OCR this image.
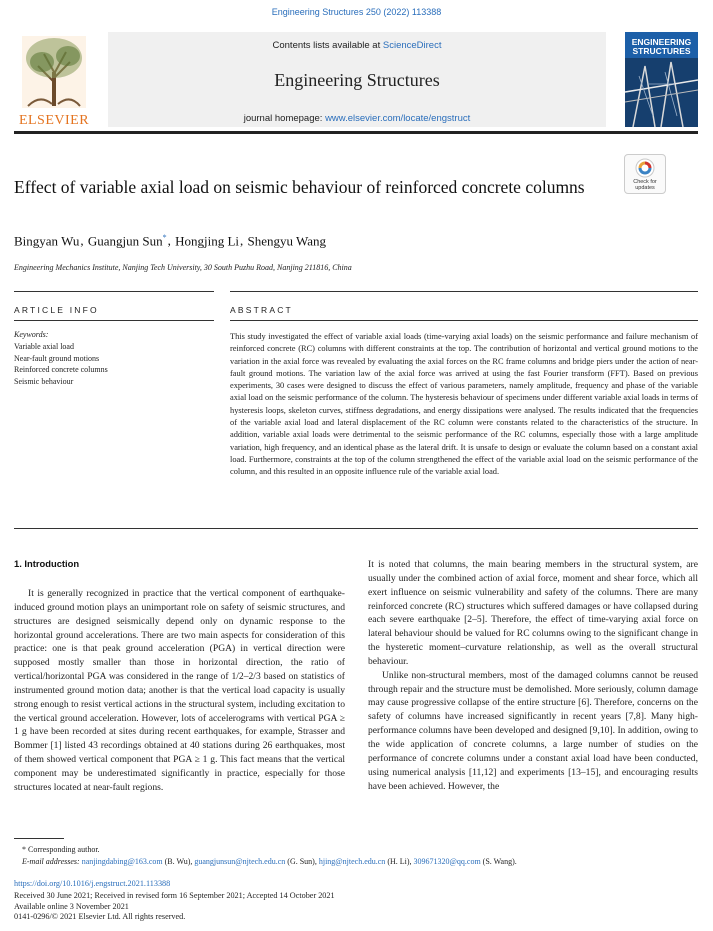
Engineering Structures 250 (2022) 113388
ELSEVIER
Contents lists available at ScienceDirect
Engineering Structures
journal homepage: www.elsevier.com/locate/engstruct
ENGINEERING STRUCTURES
Check for updates
Effect of variable axial load on seismic behaviour of reinforced concrete columns
Bingyan Wu, Guangjun Sun*, Hongjing Li, Shengyu Wang
Engineering Mechanics Institute, Nanjing Tech University, 30 South Puzhu Road, Nanjing 211816, China
ARTICLE INFO	ABSTRACT
Keywords:
Variable axial load
Near-fault ground motions
Reinforced concrete columns
Seismic behaviour
This study investigated the effect of variable axial loads (time-varying axial loads) on the seismic performance and failure mechanism of reinforced concrete (RC) columns with different constraints at the top. The contribution of horizontal and vertical ground motions to the variation in the axial force was revealed by evaluating the axial forces on the RC frame columns and bridge piers under the action of near-fault ground motions. The variation law of the axial force was arrived at using the fast Fourier transform (FFT). Based on previous experiments, 30 cases were designed to discuss the effect of various parameters, namely amplitude, frequency and phase of the variable axial load on the seismic performance of the column. The hysteresis behaviour of specimens under different variable axial loads in terms of hysteresis loops, skeleton curves, stiffness degradations, and energy dissipations were analysed. The results indicated that the frequencies of the variable axial load and lateral displacement of the RC column were constants related to the characteristics of the structure. In addition, variable axial loads were detrimental to the seismic performance of the RC columns, especially those with a large amplitude variation, high frequency, and an identical phase as the lateral drift. It is unsafe to design or evaluate the column based on a constant axial load. Furthermore, constraints at the top of the column strengthened the effect of the variable axial load on the seismic performance of the column, and this resulted in an opposite influence rule of the variable axial load.
1. Introduction

It is generally recognized in practice that the vertical component of earthquake-induced ground motion plays an unimportant role on safety of seismic structures, and structures are designed seismically depend only on dynamic response to the horizontal ground accelerations. There are two main aspects for consideration of this practice: one is that peak ground acceleration (PGA) in vertical direction were supposed mostly smaller than those in horizontal direction, the ratio of vertical/horizontal PGA was considered in the range of 1/2–2/3 based on statistics of instrumented ground motion data; another is that the vertical load capacity is usually strong enough to resist vertical actions in the structural system, including excitation to the vertical ground acceleration. However, lots of accelerograms with vertical PGA ≥ 1 g have been recorded at sites during recent earthquakes, for example, Strasser and Bommer [1] listed 43 recordings obtained at 40 stations during 26 earthquakes, most of them showed vertical component that PGA ≥ 1 g. This fact means that the vertical component may be underestimated significantly in practice, especially for those structures located at near-fault regions.

It is noted that columns, the main bearing members in the structural system, are usually under the combined action of axial force, moment and shear force, which all exert influence on seismic vulnerability and safety of the columns. There are many reinforced concrete (RC) structures which suffered damages or have collapsed during each severe earthquake [2–5]. Therefore, the effect of time-varying axial force on lateral behaviour should be valued for RC columns owing to the significant change in the hysteretic moment–curvature relationship, as well as the overall structural behaviour.

Unlike non-structural members, most of the damaged columns cannot be reused through repair and the structure must be demolished. More seriously, column damage may cause progressive collapse of the entire structure [6]. Therefore, concerns on the safety of columns have increased significantly in recent years [7,8]. Many high-performance columns have been developed and designed [9,10]. In addition, owing to the wide application of concrete columns, a large number of studies on the performance of concrete columns under a constant axial load have been conducted, using numerical analysis [11,12] and experiments [13–15], and encouraging results have been achieved. However, the

* Corresponding author.
E-mail addresses: nanjingdabing@163.com (B. Wu), guangjunsun@njtech.edu.cn (G. Sun), hjing@njtech.edu.cn (H. Li), 309671320@qq.com (S. Wang).
https://doi.org/10.1016/j.engstruct.2021.113388
Received 30 June 2021; Received in revised form 16 September 2021; Accepted 14 October 2021
Available online 3 November 2021
0141-0296/© 2021 Elsevier Ltd. All rights reserved.
